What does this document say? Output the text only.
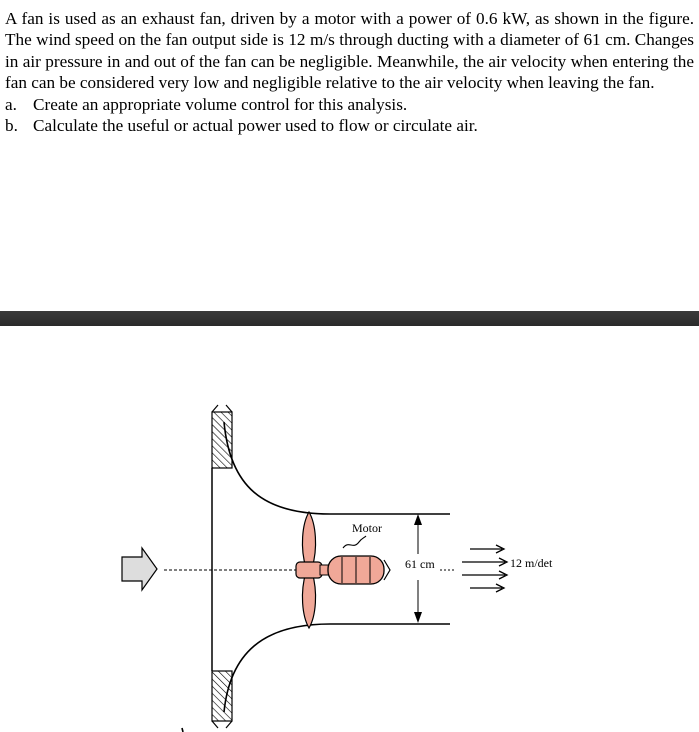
A fan is used as an exhaust fan, driven by a motor with a power of 0.6 kW, as shown in the figure. The wind speed on the fan output side is 12 m/s through ducting with a diameter of 61 cm. Changes in air pressure in and out of the fan can be negligible. Meanwhile, the air velocity when entering the fan can be considered very low and negligible relative to the air velocity when leaving the fan.

a. Create an appropriate volume control for this analysis.
b. Calculate the useful or actual power used to flow or circulate air.
Motor
61 cm	12 m/det
